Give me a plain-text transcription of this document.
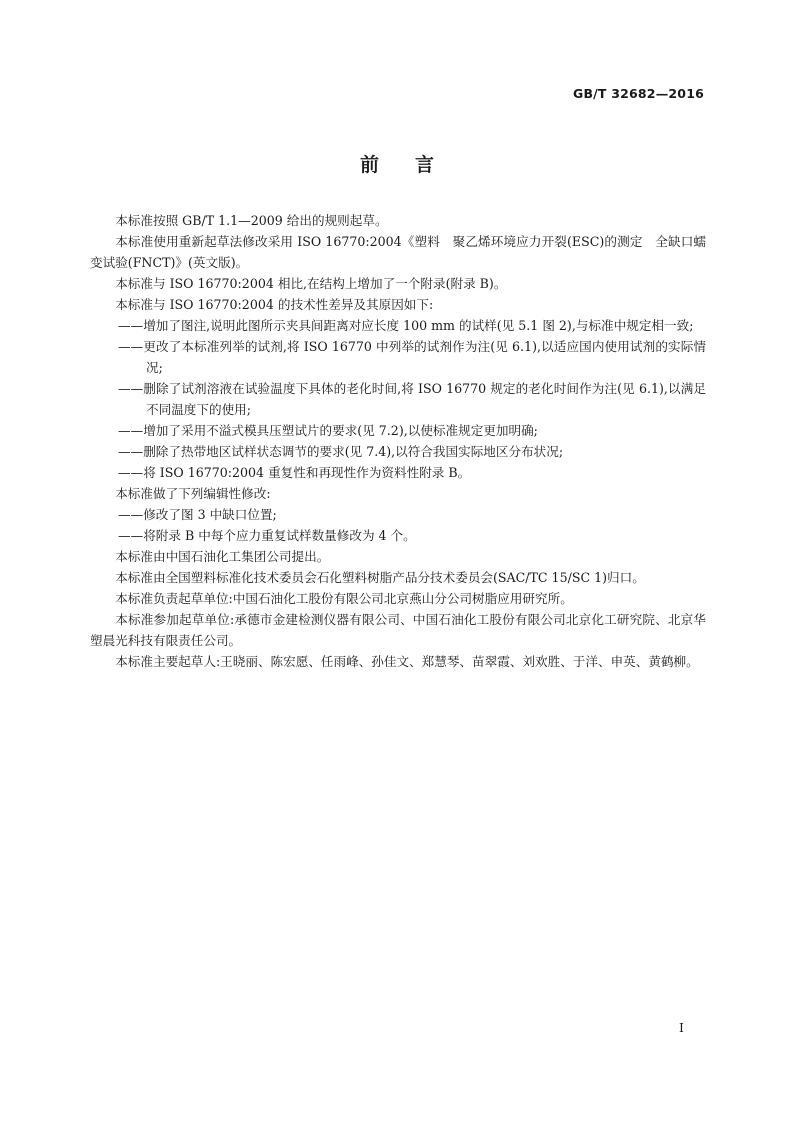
GB/T 32682—2016
前言

本标准按照 GB/T 1.1—2009 给出的规则起草。

本标准使用重新起草法修改采用 ISO 16770:2004《塑料　聚乙烯环境应力开裂(ESC)的测定　全缺口蠕变试验(FNCT)》(英文版)。

本标准与 ISO 16770:2004 相比,在结构上增加了一个附录(附录 B)。

本标准与 ISO 16770:2004 的技术性差异及其原因如下:

——增加了图注,说明此图所示夹具间距离对应长度 100 mm 的试样(见 5.1 图 2),与标准中规定相一致;

——更改了本标准列举的试剂,将 ISO 16770 中列举的试剂作为注(见 6.1),以适应国内使用试剂的实际情况;

——删除了试剂溶液在试验温度下具体的老化时间,将 ISO 16770 规定的老化时间作为注(见 6.1),以满足不同温度下的使用;

——增加了采用不溢式模具压塑试片的要求(见 7.2),以使标准规定更加明确;

——删除了热带地区试样状态调节的要求(见 7.4),以符合我国实际地区分布状况;

——将 ISO 16770:2004 重复性和再现性作为资料性附录 B。

本标准做了下列编辑性修改:

——修改了图 3 中缺口位置;

——将附录 B 中每个应力重复试样数量修改为 4 个。

本标准由中国石油化工集团公司提出。

本标准由全国塑料标准化技术委员会石化塑料树脂产品分技术委员会(SAC/TC 15/SC 1)归口。

本标准负责起草单位:中国石油化工股份有限公司北京燕山分公司树脂应用研究所。

本标准参加起草单位:承德市金建检测仪器有限公司、中国石油化工股份有限公司北京化工研究院、北京华塑晨光科技有限责任公司。

本标准主要起草人:王晓丽、陈宏愿、任雨峰、孙佳文、郑慧琴、苗翠霞、刘欢胜、于洋、申英、黄鹤柳。

I
